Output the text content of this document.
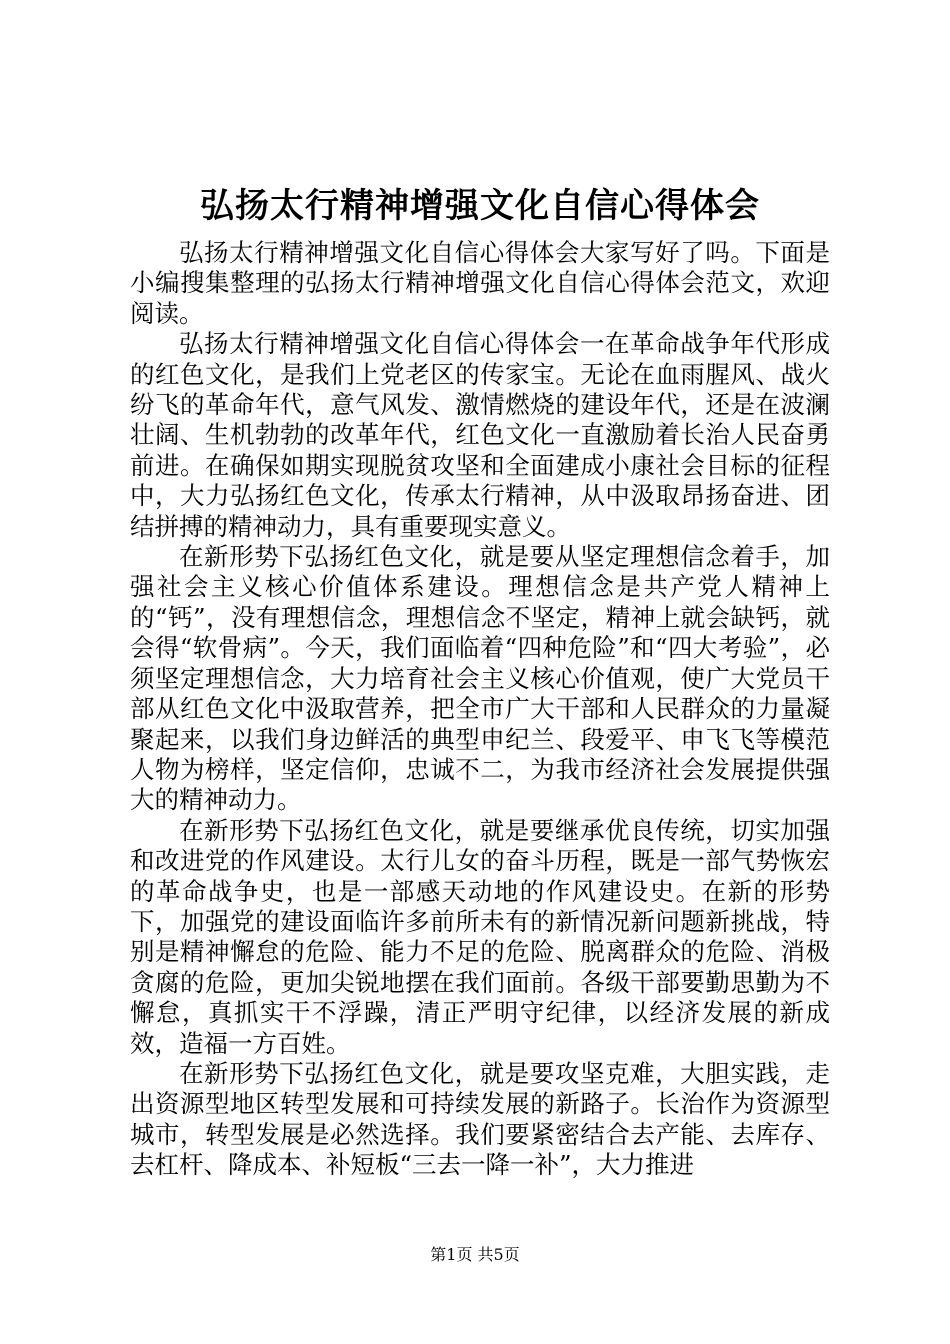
弘扬太行精神增强文化自信心得体会

弘扬太行精神增强文化自信心得体会大家写好了吗。下面是小编搜集整理的弘扬太行精神增强文化自信心得体会范文，欢迎阅读。

弘扬太行精神增强文化自信心得体会一在革命战争年代形成的红色文化，是我们上党老区的传家宝。无论在血雨腥风、战火纷飞的革命年代，意气风发、激情燃烧的建设年代，还是在波澜壮阔、生机勃勃的改革年代，红色文化一直激励着长治人民奋勇前进。在确保如期实现脱贫攻坚和全面建成小康社会目标的征程中，大力弘扬红色文化，传承太行精神，从中汲取昂扬奋进、团结拼搏的精神动力，具有重要现实意义。

在新形势下弘扬红色文化，就是要从坚定理想信念着手，加强社会主义核心价值体系建设。理想信念是共产党人精神上的“钙”，没有理想信念，理想信念不坚定，精神上就会缺钙，就会得“软骨病”。今天，我们面临着“四种危险”和“四大考验”，必须坚定理想信念，大力培育社会主义核心价值观，使广大党员干部从红色文化中汲取营养，把全市广大干部和人民群众的力量凝聚起来，以我们身边鲜活的典型申纪兰、段爱平、申飞飞等模范人物为榜样，坚定信仰，忠诚不二，为我市经济社会发展提供强大的精神动力。

在新形势下弘扬红色文化，就是要继承优良传统，切实加强和改进党的作风建设。太行儿女的奋斗历程，既是一部气势恢宏的革命战争史，也是一部感天动地的作风建设史。在新的形势下，加强党的建设面临许多前所未有的新情况新问题新挑战，特别是精神懈怠的危险、能力不足的危险、脱离群众的危险、消极贪腐的危险，更加尖锐地摆在我们面前。各级干部要勤思勤为不懈怠，真抓实干不浮躁，清正严明守纪律，以经济发展的新成效，造福一方百姓。

在新形势下弘扬红色文化，就是要攻坚克难，大胆实践，走出资源型地区转型发展和可持续发展的新路子。长治作为资源型城市，转型发展是必然选择。我们要紧密结合去产能、去库存、去杠杆、降成本、补短板“三去一降一补”，大力推进

第1页 共5页
